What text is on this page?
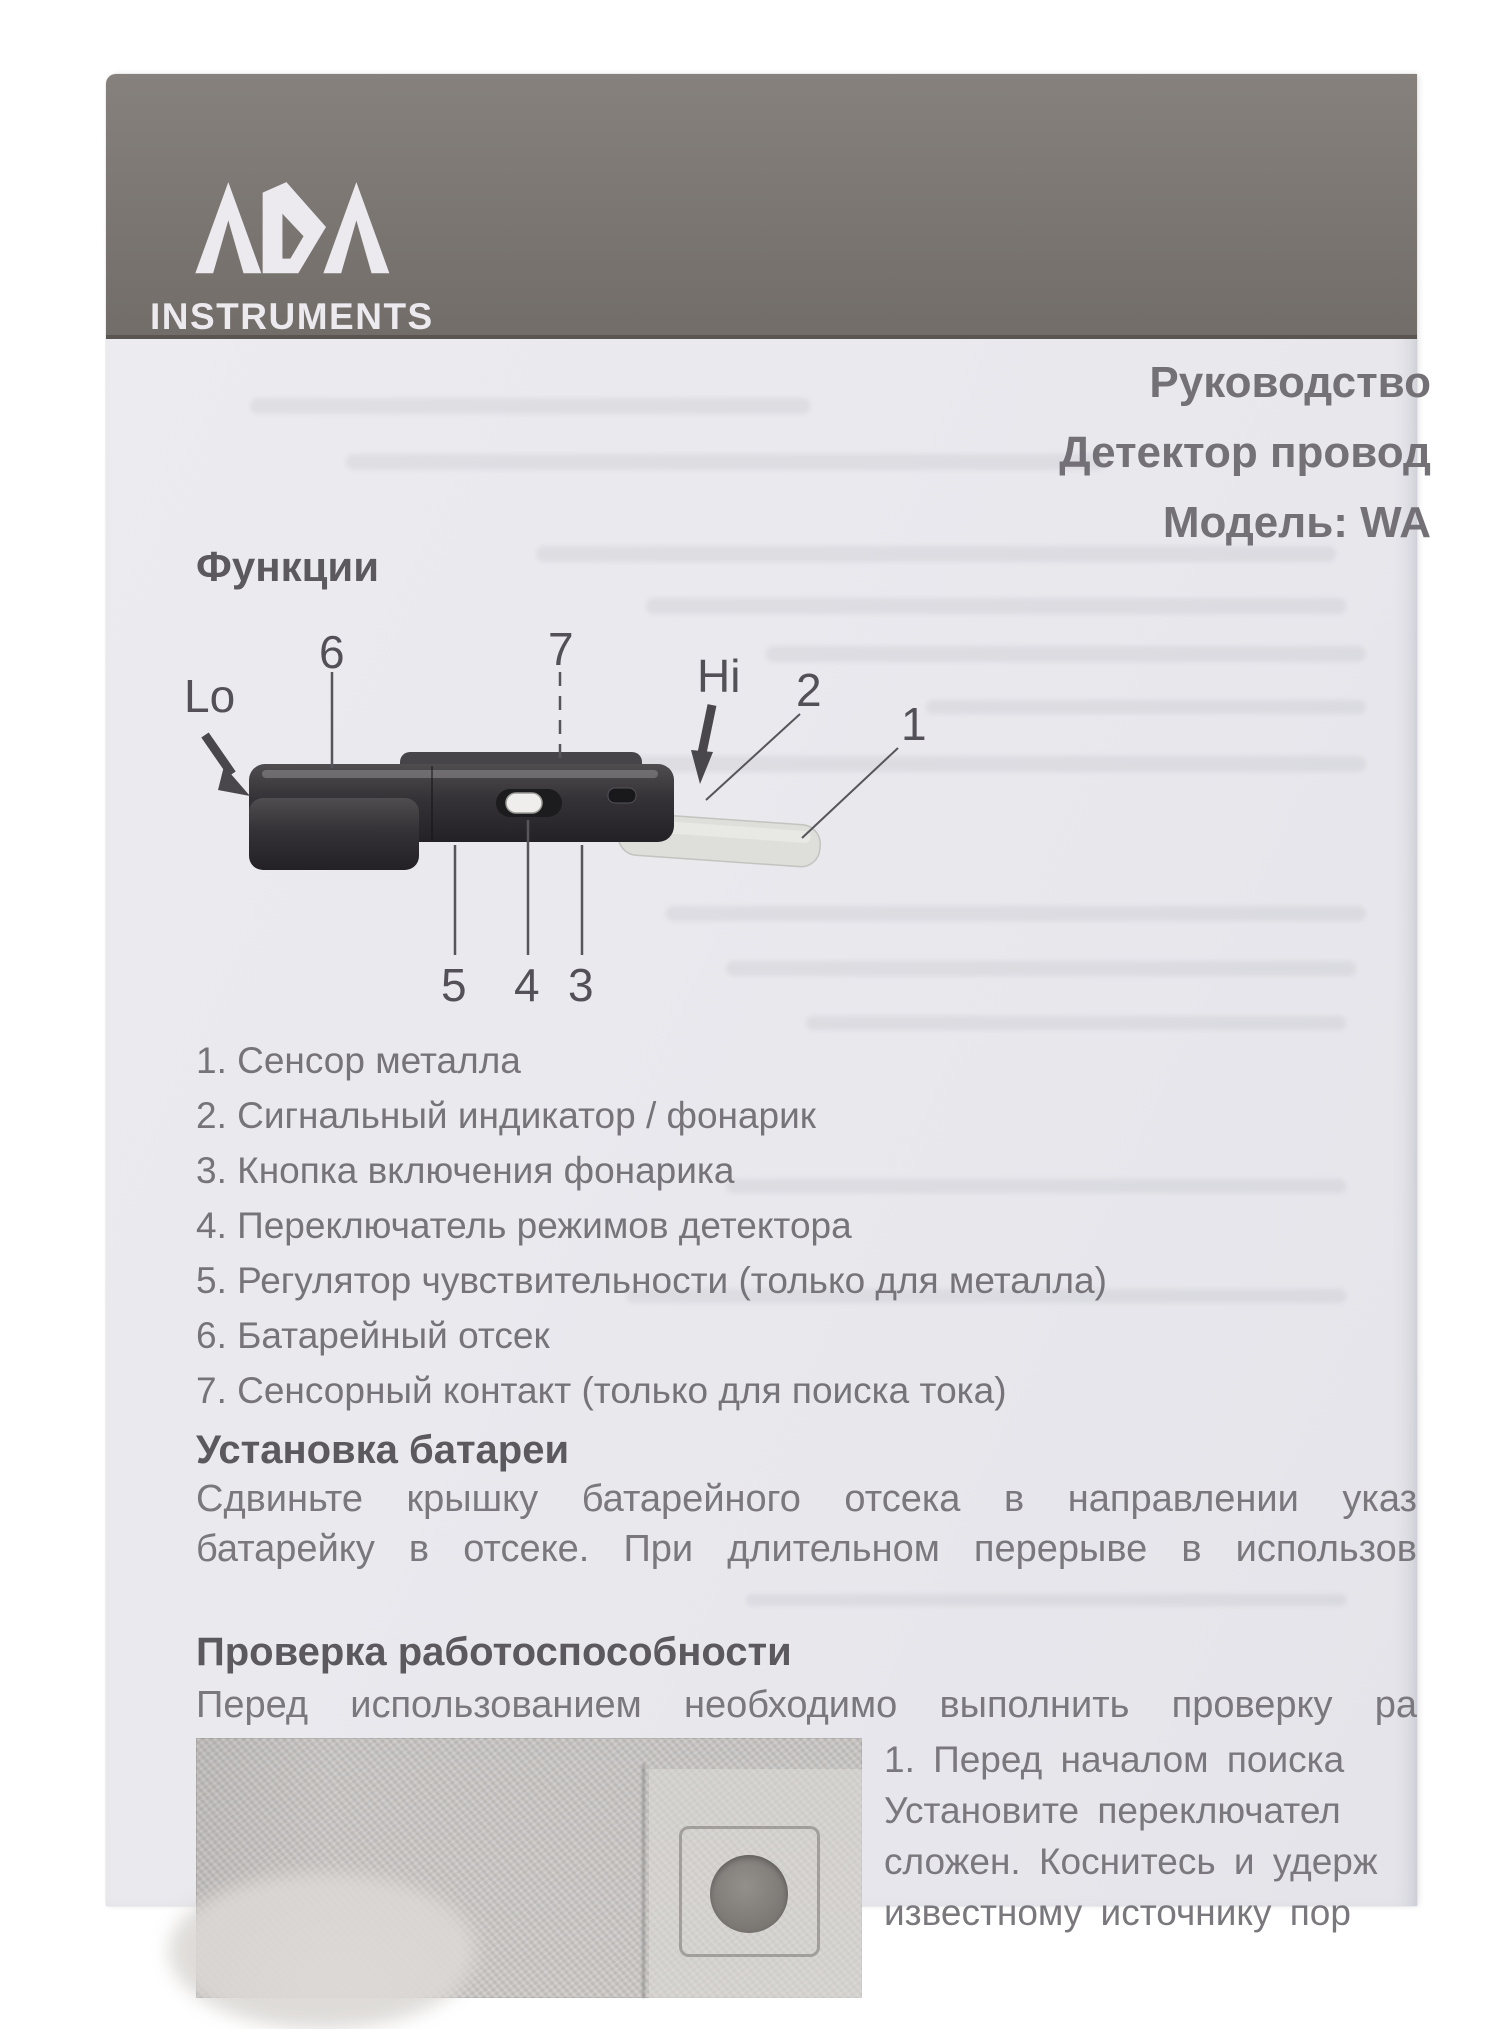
INSTRUMENTS
Руководство
Детектор провод
Модель: WA
Функции
Lo
6	7
Hi 2
1
5 4 3
1. Сенсор металла
2. Сигнальный индикатор / фонарик
3. Кнопка включения фонарика
4. Переключатель режимов детектора
5. Регулятор чувствительности (только для металла)
6. Батарейный отсек
7. Сенсорный контакт (только для поиска тока)
Установка батареи
Сдвиньте крышку батарейного отсека в направлении указ
батарейку в отсеке. При длительном перерыве в использов
Проверка работоспособности
Перед использованием необходимо выполнить проверку ра
1. Перед началом поиска
Установите переключател
сложен. Коснитесь и удерж
известному источнику пор
